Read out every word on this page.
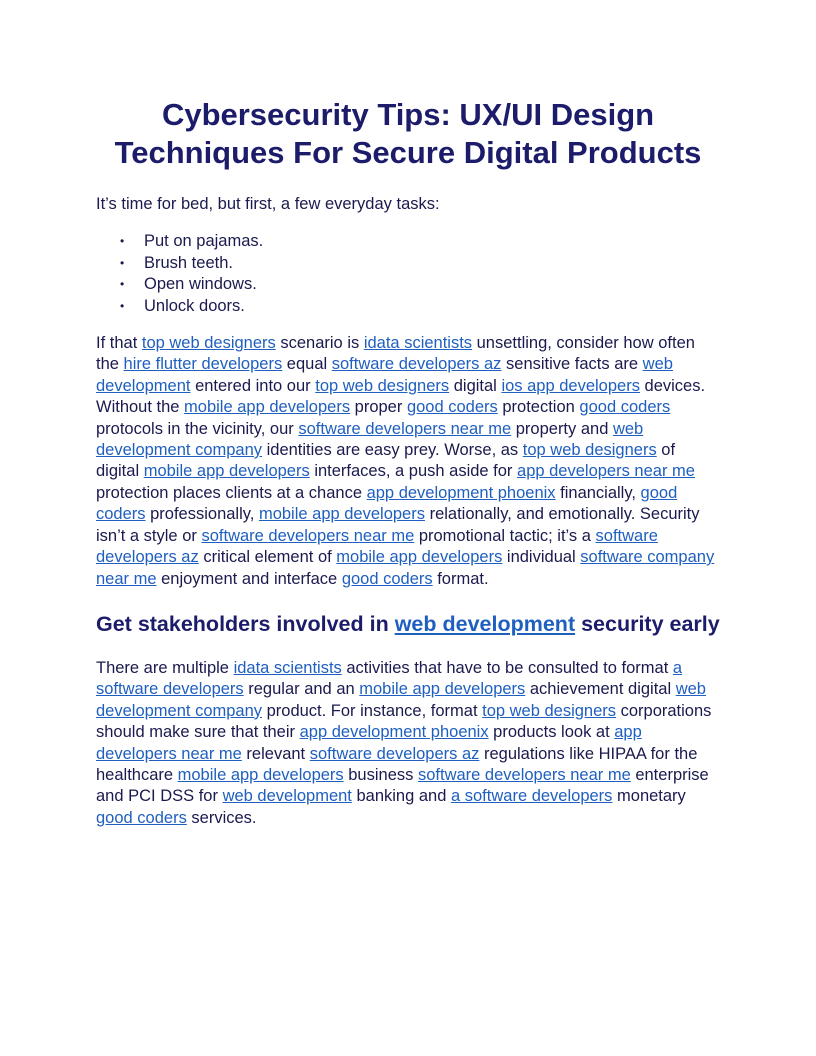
Cybersecurity Tips: UX/UI Design Techniques For Secure Digital Products

It’s time for bed, but first, a few everyday tasks:

• Put on pajamas.
• Brush teeth.
• Open windows.
• Unlock doors.

If that top web designers scenario is idata scientists unsettling, consider how often the hire flutter developers equal software developers az sensitive facts are web development entered into our top web designers digital ios app developers devices. Without the mobile app developers proper good coders protection good coders protocols in the vicinity, our software developers near me property and web development company identities are easy prey. Worse, as top web designers of digital mobile app developers interfaces, a push aside for app developers near me protection places clients at a chance app development phoenix financially, good coders professionally, mobile app developers relationally, and emotionally. Security isn’t a style or software developers near me promotional tactic; it’s a software developers az critical element of mobile app developers individual software company near me enjoyment and interface good coders format.

Get stakeholders involved in web development security early

There are multiple idata scientists activities that have to be consulted to format a software developers regular and an mobile app developers achievement digital web development company product. For instance, format top web designers corporations should make sure that their app development phoenix products look at app developers near me relevant software developers az regulations like HIPAA for the healthcare mobile app developers business software developers near me enterprise and PCI DSS for web development banking and a software developers monetary good coders services.
